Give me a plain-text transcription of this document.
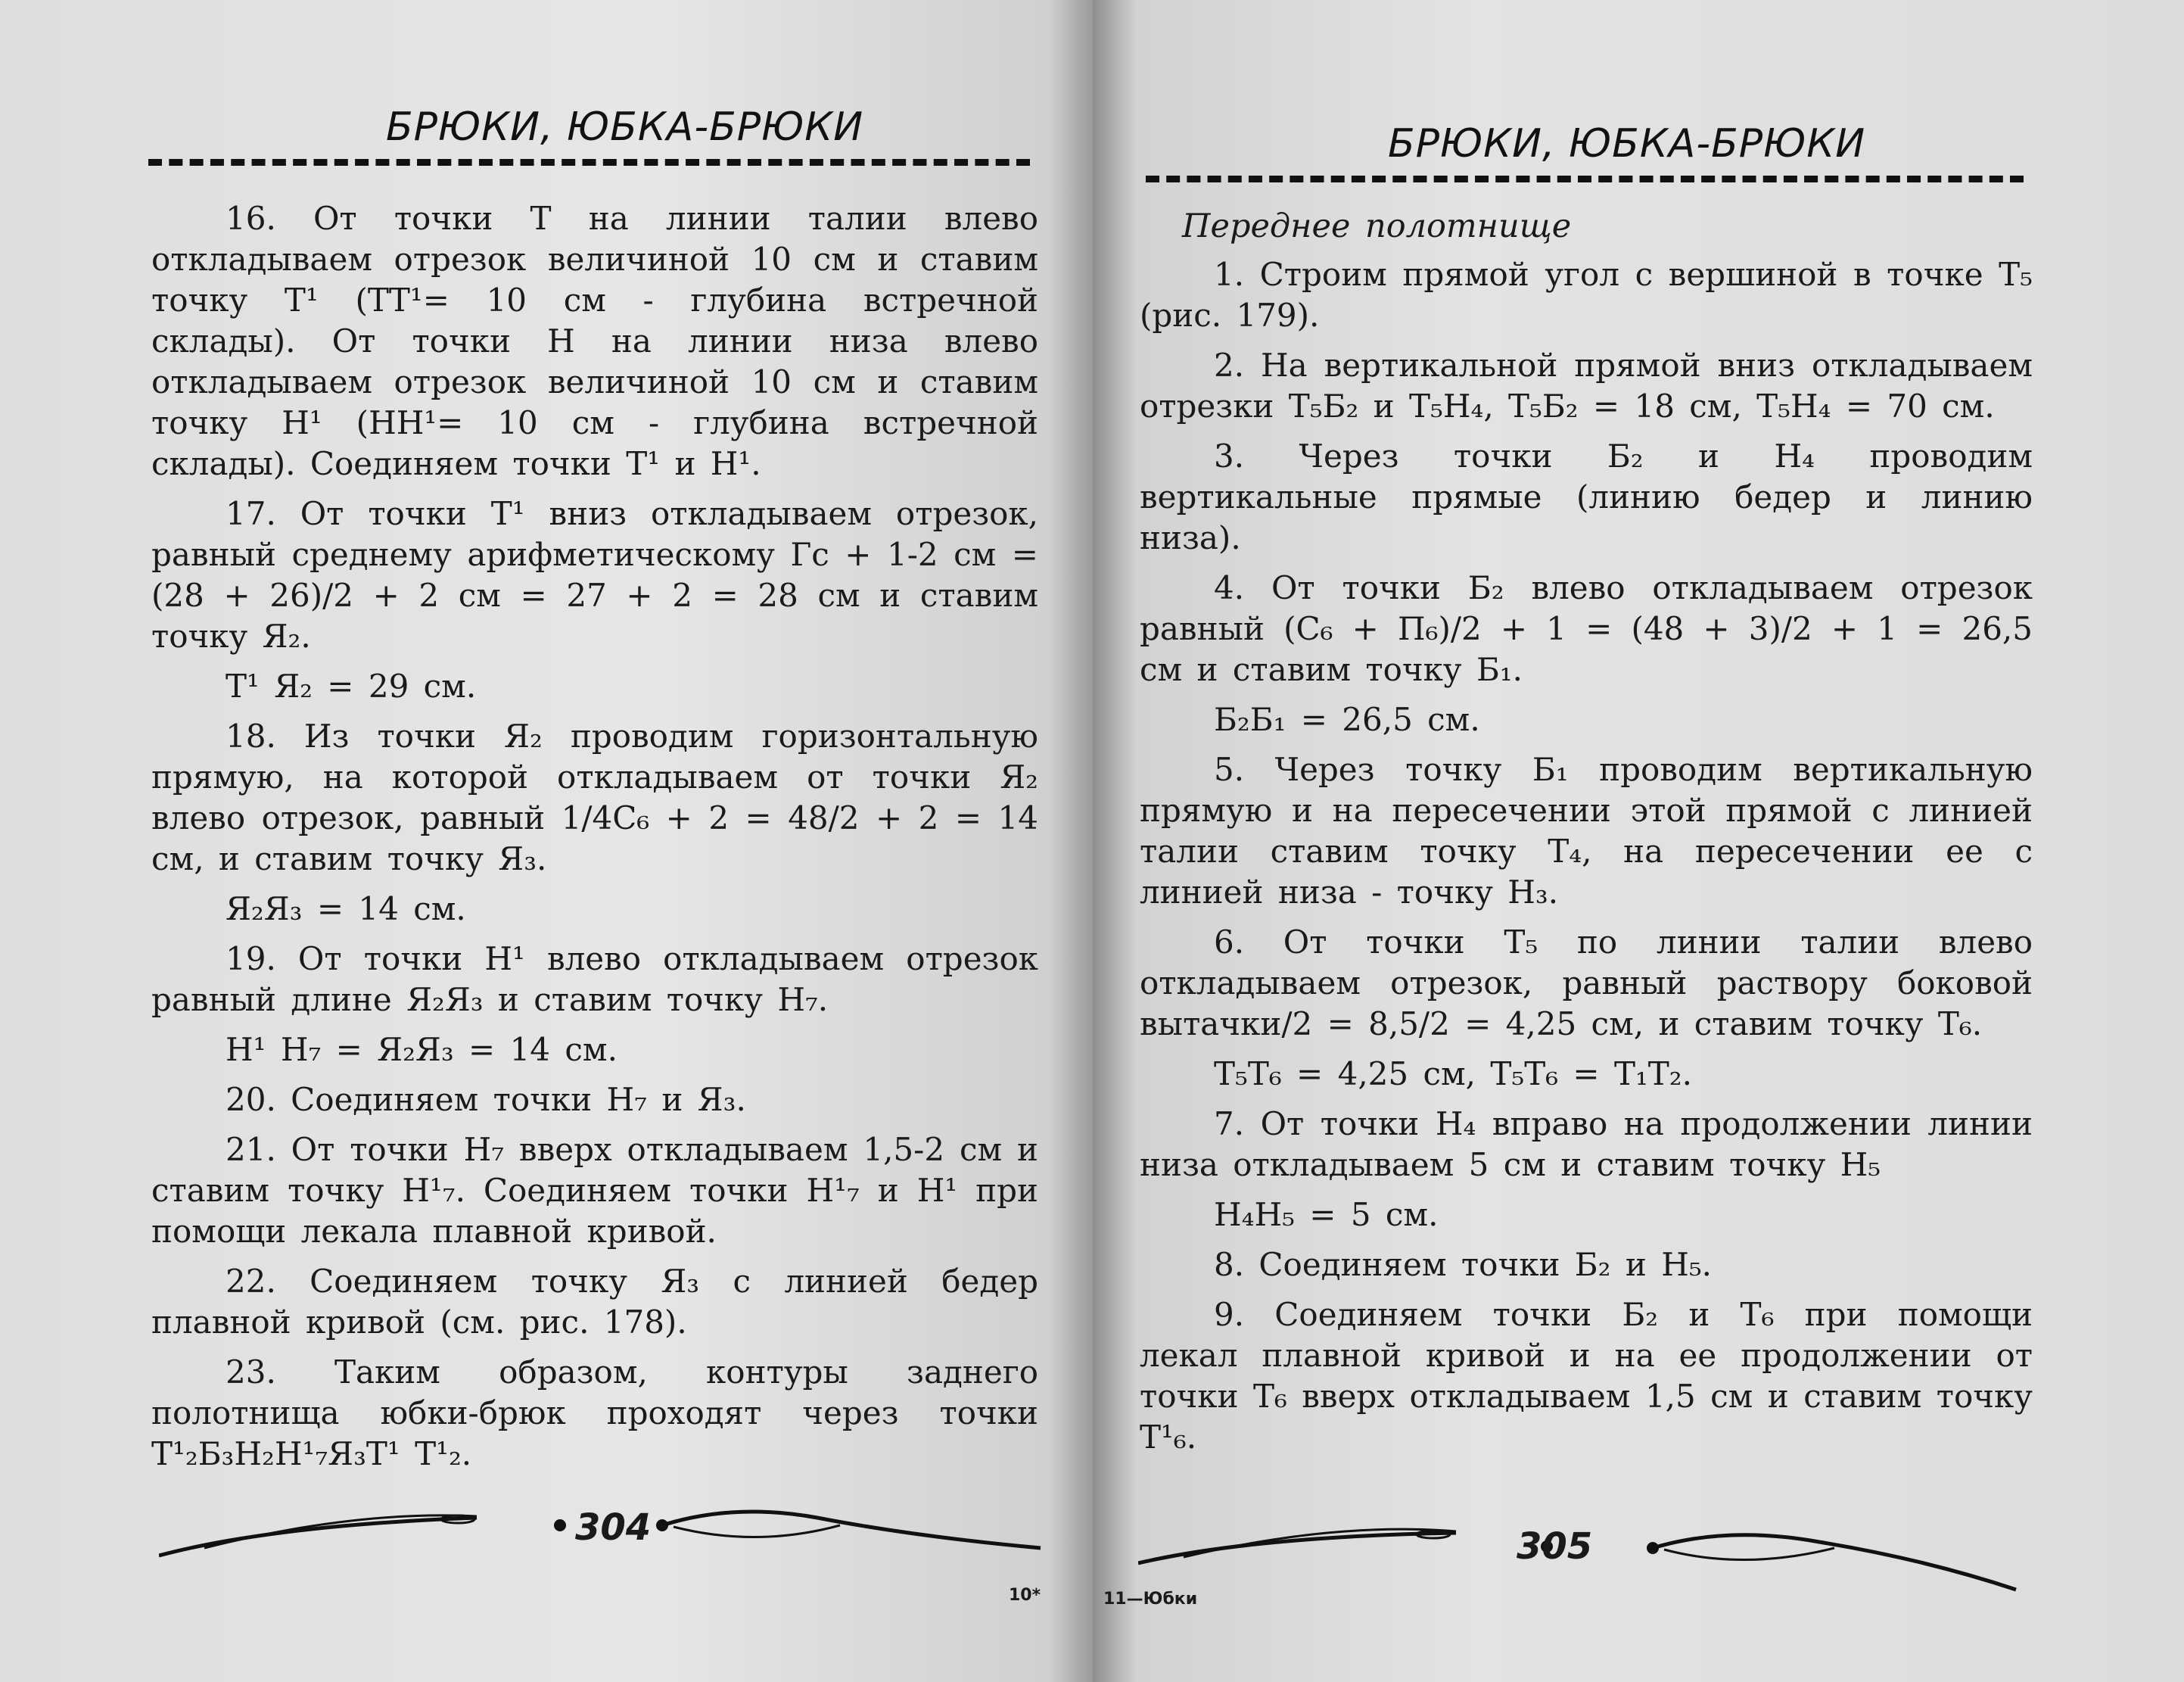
БРЮКИ, ЮБКА-БРЮКИ

16. От точки Т на линии талии влево откладываем отрезок величиной 10 см и ставим точку Т¹ (ТТ¹= 10 см - глубина встречной склады). От точки Н на линии низа влево откладываем отрезок величиной 10 см и ставим точку Н¹ (НН¹= 10 см - глубина встречной склады). Соединяем точки Т¹ и Н¹.

17. От точки Т¹ вниз откладываем отрезок, равный среднему арифметическому Гс + 1-2 см = (28 + 26)/2 + 2 см = 27 + 2 = 28 см и ставим точку Я₂.

Т¹ Я₂ = 29 см.

18. Из точки Я₂ проводим горизонтальную прямую, на которой откладываем от точки Я₂ влево отрезок, равный 1/4С₆ + 2 = 48/2 + 2 = 14 см, и ставим точку Я₃.

Я₂Я₃ = 14 см.

19. От точки Н¹ влево откладываем отрезок равный длине Я₂Я₃ и ставим точку Н₇.

Н¹ Н₇ = Я₂Я₃ = 14 см.

20. Соединяем точки Н₇ и Я₃.

21. От точки Н₇ вверх откладываем 1,5-2 см и ставим точку Н¹₇. Соединяем точки Н¹₇ и Н¹ при помощи лекала плавной кривой.

22. Соединяем точку Я₃ с линией бедер плавной кривой (см. рис. 178).

23. Таким образом, контуры заднего полотнища юбки-брюк проходят через точки Т¹₂Б₃Н₂Н¹₇Я₃Т¹ Т¹₂.

304
10*
БРЮКИ, ЮБКА-БРЮКИ

Переднее полотнище

1. Строим прямой угол с вершиной в точке Т₅ (рис. 179).

2. На вертикальной прямой вниз откладываем отрезки Т₅Б₂ и Т₅Н₄, Т₅Б₂ = 18 см, Т₅Н₄ = 70 см.

3. Через точки Б₂ и Н₄ проводим вертикальные прямые (линию бедер и линию низа).

4. От точки Б₂ влево откладываем отрезок равный (С₆ + П₆)/2 + 1 = (48 + 3)/2 + 1 = 26,5 см и ставим точку Б₁.

Б₂Б₁ = 26,5 см.

5. Через точку Б₁ проводим вертикальную прямую и на пересечении этой прямой с линией талии ставим точку Т₄, на пересечении ее с линией низа - точку Н₃.

6. От точки Т₅ по линии талии влево откладываем отрезок, равный раствору боковой вытачки/2 = 8,5/2 = 4,25 см, и ставим точку Т₆.

Т₅Т₆ = 4,25 см, Т₅Т₆ = Т₁Т₂.

7. От точки Н₄ вправо на продолжении линии низа откладываем 5 см и ставим точку Н₅

Н₄Н₅ = 5 см.

8. Соединяем точки Б₂ и Н₅.

9. Соединяем точки Б₂ и Т₆ при помощи лекал плавной кривой и на ее продолжении от точки Т₆ вверх откладываем 1,5 см и ставим точку Т¹₆.

305
11—Юбки
